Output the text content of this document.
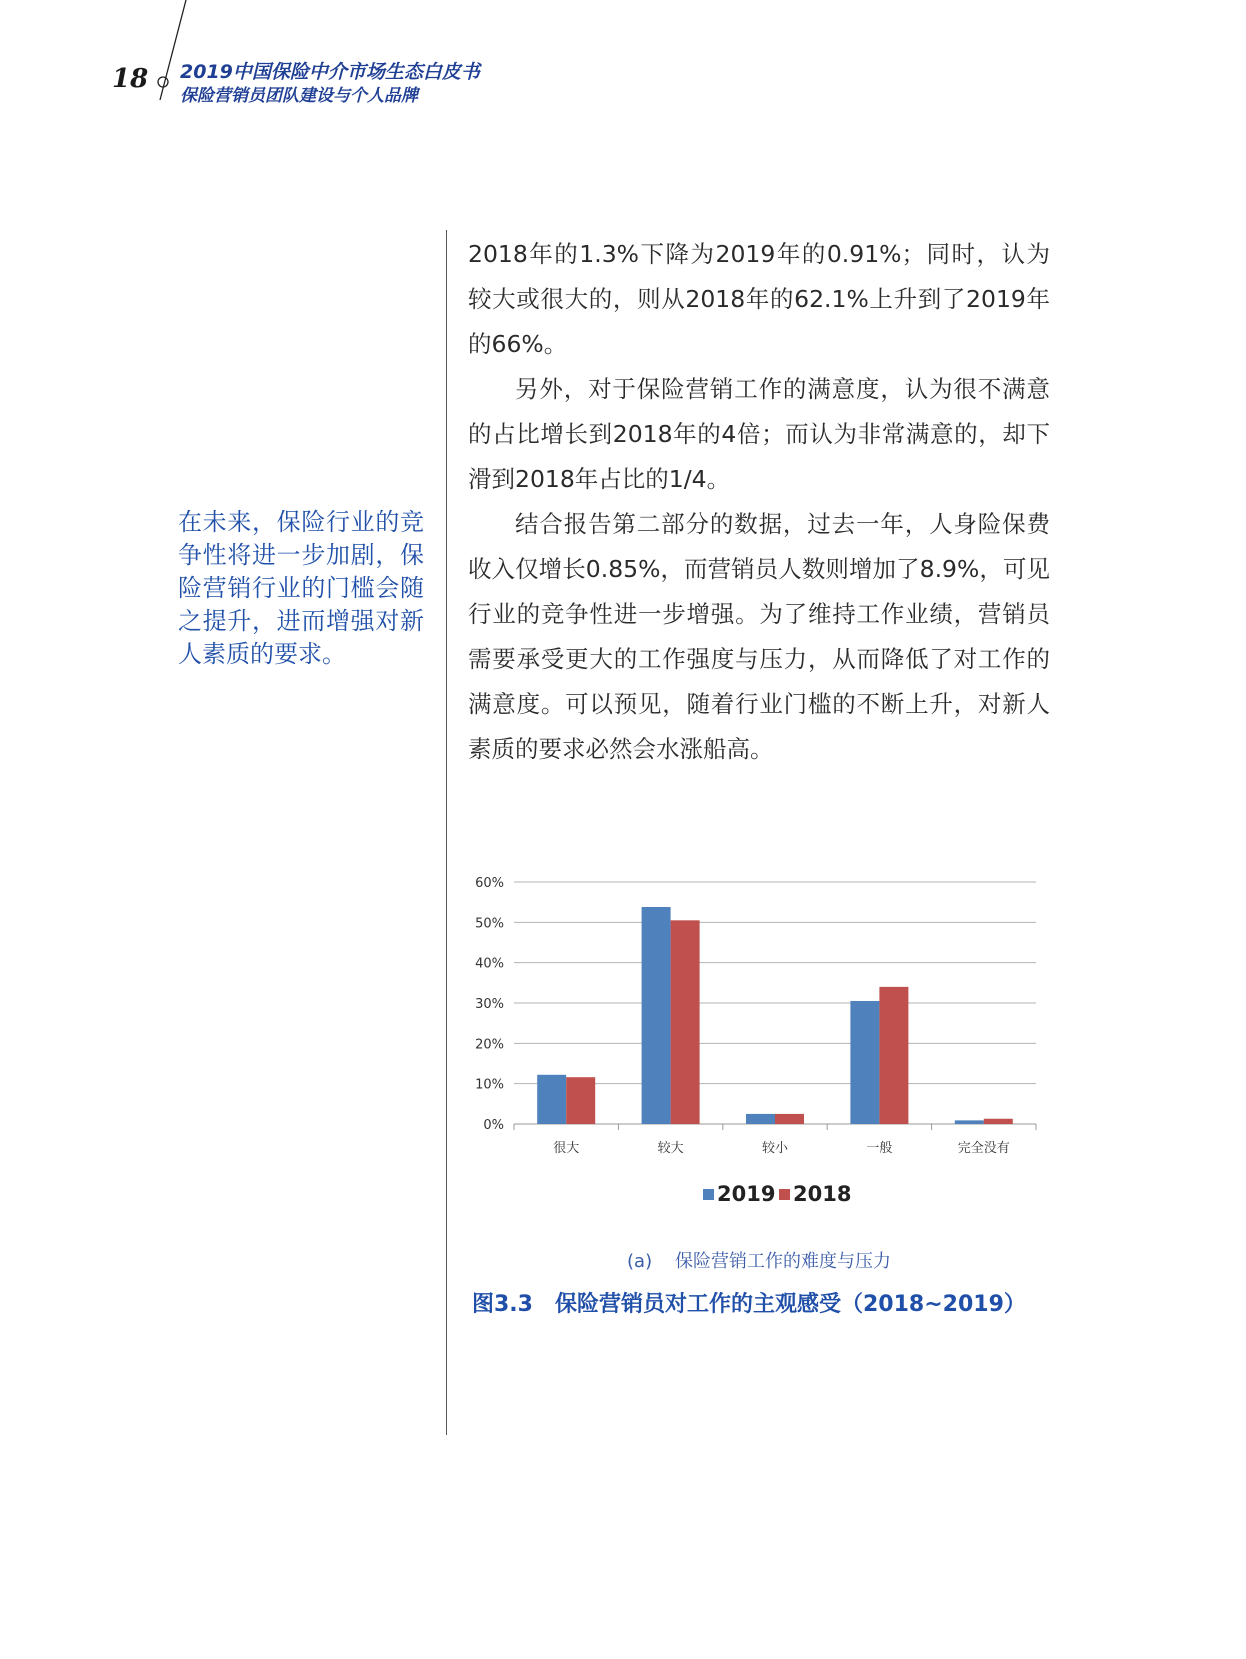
18 2019中国保险中介市场生态白皮书
保险营销员团队建设与个人品牌
在未来，保险行业的竞争性将进一步加剧，保险营销行业的门槛会随之提升，进而增强对新人素质的要求。

2018年的1.3%下降为2019年的0.91%；同时，认为较大或很大的，则从2018年的62.1%上升到了2019年的66%。

另外，对于保险营销工作的满意度，认为很不满意的占比增长到2018年的4倍；而认为非常满意的，却下滑到2018年占比的1/4。

结合报告第二部分的数据，过去一年，人身险保费收入仅增长0.85%，而营销员人数则增加了8.9%，可见行业的竞争性进一步增强。为了维持工作业绩，营销员需要承受更大的工作强度与压力，从而降低了对工作的满意度。可以预见，随着行业门槛的不断上升，对新人素质的要求必然会水涨船高。

0%
10%
20%
30%
40%
50%
60%
很大	较大	较小	一般	完全没有
2019 2018
(a) 保险营销工作的难度与压力
图3.3 保险营销员对工作的主观感受（2018~2019）
